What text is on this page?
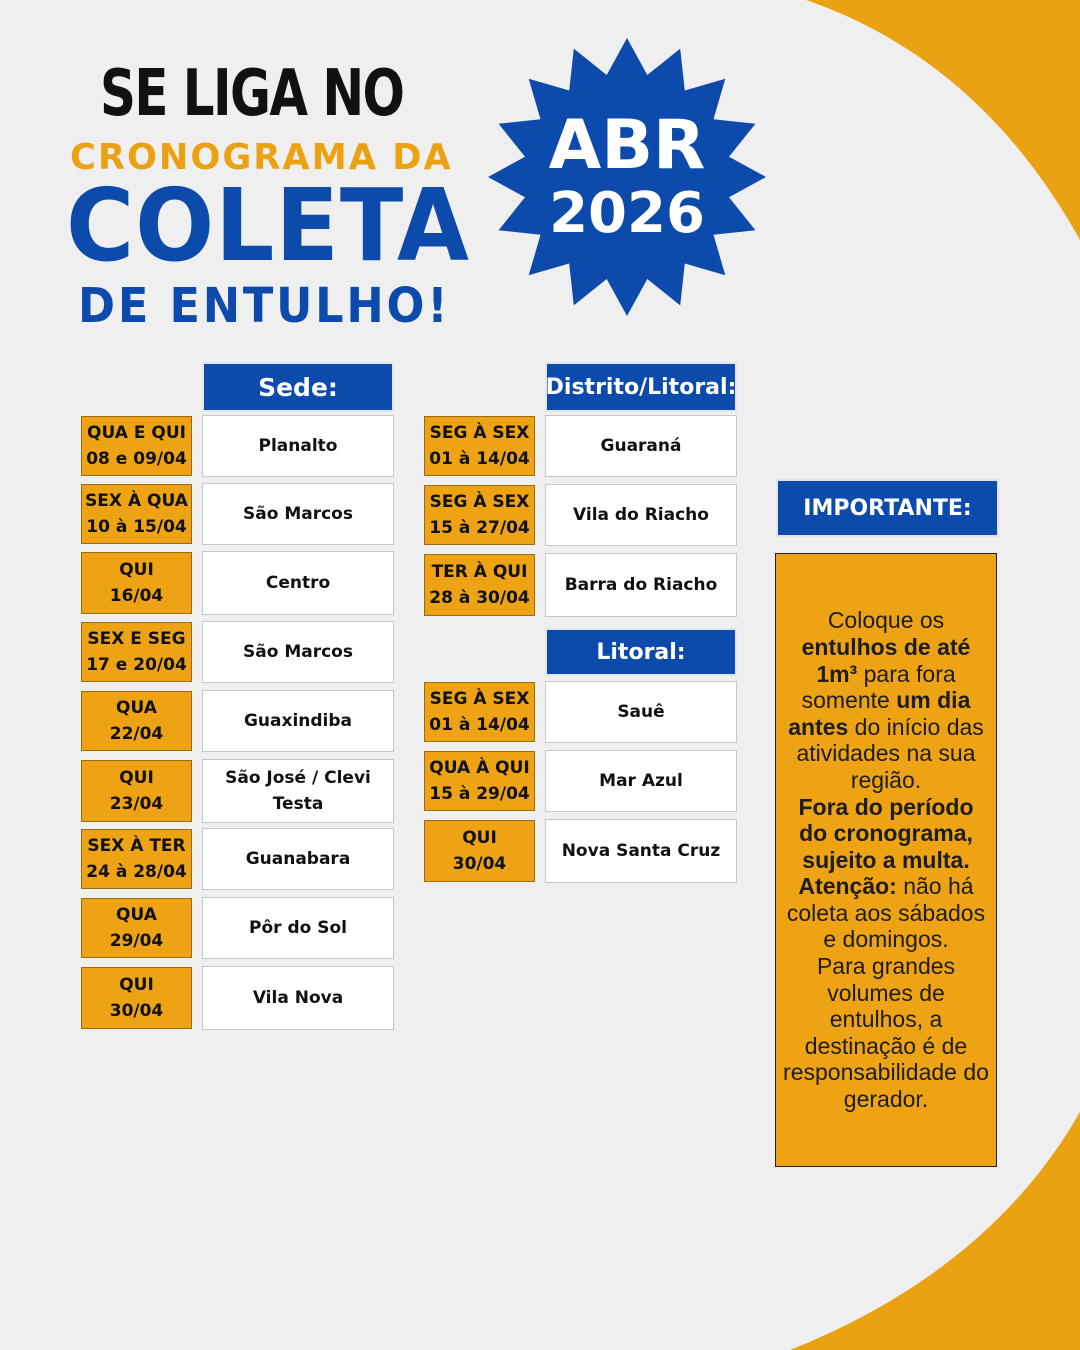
SE LIGA NO
CRONOGRAMA DA
COLETA
DE ENTULHO!
ABR
2026
Sede:
QUA E QUI
08 e 09/04
Planalto
SEX À QUA
10 à 15/04
São Marcos
QUI
16/04
Centro
SEX E SEG
17 e 20/04
São Marcos
QUA
22/04
Guaxindiba
QUI
23/04
São José / Clevi Testa
SEX À TER
24 à 28/04
Guanabara
QUA
29/04
Pôr do Sol
QUI
30/04
Vila Nova
Distrito/Litoral:
SEG À SEX
01 à 14/04
Guaraná
SEG À SEX
15 à 27/04
Vila do Riacho
TER À QUI
28 à 30/04
Barra do Riacho
Litoral:
SEG À SEX
01 à 14/04
Sauê
QUA À QUI
15 à 29/04
Mar Azul
QUI
30/04
Nova Santa Cruz
IMPORTANTE:
Coloque os
entulhos de até 1m³ para fora somente um dia antes do início das atividades na sua região.
Fora do período do cronograma, sujeito a multa.
Atenção: não há coleta aos sábados e domingos.
Para grandes volumes de entulhos, a destinação é de responsabilidade do gerador.
